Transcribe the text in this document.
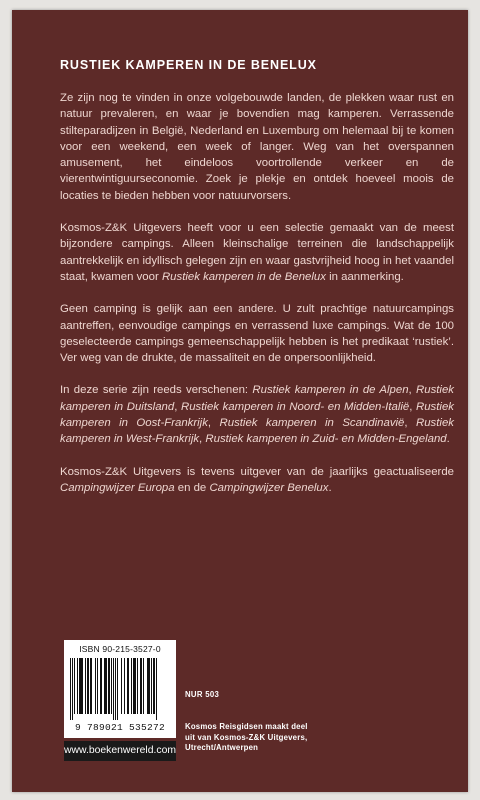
RUSTIEK KAMPEREN IN DE BENELUX

Ze zijn nog te vinden in onze volgebouwde landen, de plekken waar rust en natuur prevaleren, en waar je bovendien mag kamperen. Verrassende stilteparadijzen in België, Nederland en Luxemburg om helemaal bij te komen voor een weekend, een week of langer. Weg van het overspannen amusement, het eindeloos voortrollende verkeer en de vierentwintiguurseconomie. Zoek je plekje en ontdek hoeveel moois de locaties te bieden hebben voor natuurvorsers.

Kosmos-Z&K Uitgevers heeft voor u een selectie gemaakt van de meest bijzondere campings. Alleen kleinschalige terreinen die landschappelijk aantrekkelijk en idyllisch gelegen zijn en waar gastvrijheid hoog in het vaandel staat, kwamen voor Rustiek kamperen in de Benelux in aanmerking.

Geen camping is gelijk aan een andere. U zult prachtige natuurcampings aantreffen, eenvoudige campings en verrassend luxe campings. Wat de 100 geselecteerde campings gemeenschappelijk hebben is het predikaat ‘rustiek’. Ver weg van de drukte, de massaliteit en de onpersoonlijkheid.

In deze serie zijn reeds verschenen: Rustiek kamperen in de Alpen, Rustiek kamperen in Duitsland, Rustiek kamperen in Noord- en Midden-Italië, Rustiek kamperen in Oost-Frankrijk, Rustiek kamperen in Scandinavië, Rustiek kamperen in West-Frankrijk, Rustiek kamperen in Zuid- en Midden-Engeland.

Kosmos-Z&K Uitgevers is tevens uitgever van de jaarlijks geactualiseerde Campingwijzer Europa en de Campingwijzer Benelux.

ISBN 90-215-3527-0
9 789021 535272
www.boekenwereld.com
NUR 503
Kosmos Reisgidsen maakt deel
uit van Kosmos-Z&K Uitgevers,
Utrecht/Antwerpen
